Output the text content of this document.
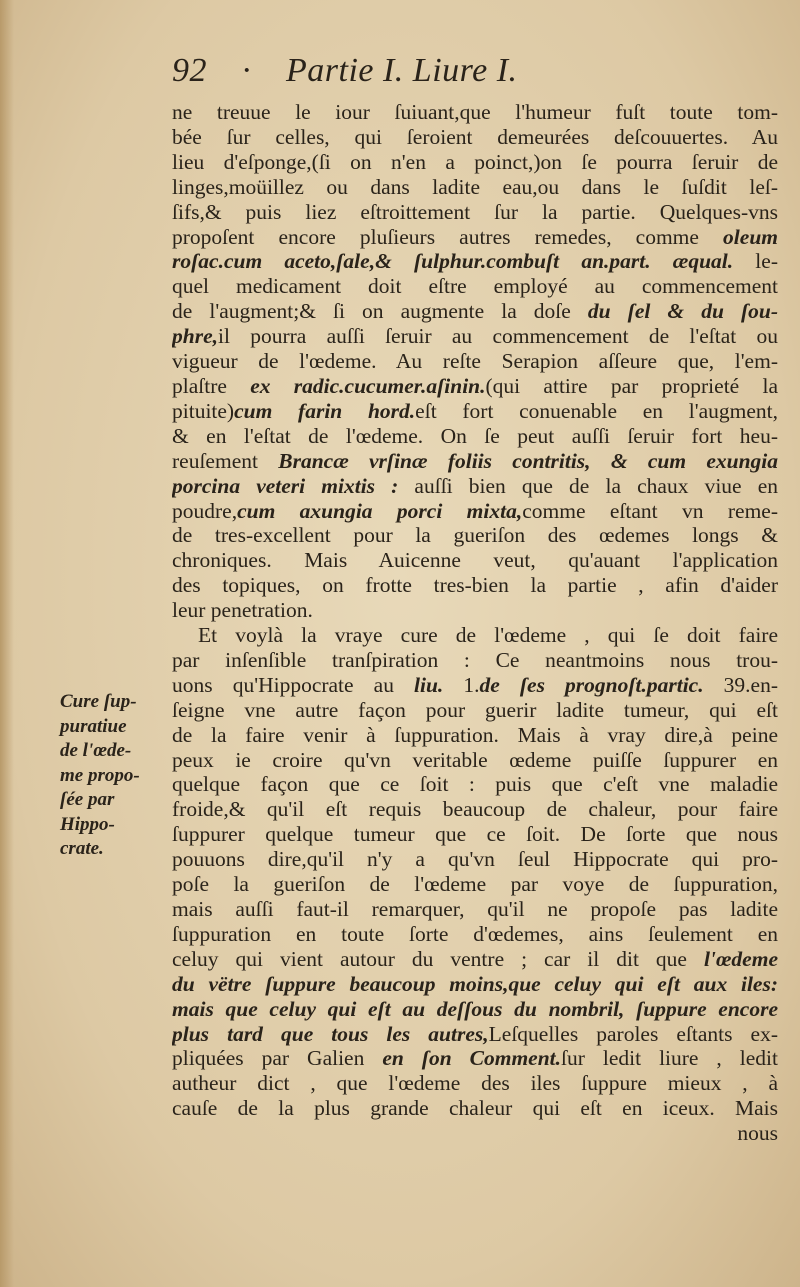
92 · Partie I. Liure I.
ne treuue le iour ſuiuant,que l'humeur fuſt toute tom-
bée ſur celles, qui ſeroient demeurées deſcouuertes. Au
lieu d'eſponge,(ſi on n'en a poinct,)on ſe pourra ſeruir de
linges,moüillez ou dans ladite eau,ou dans le ſuſdit leſ-
ſifs,& puis liez eſtroittement ſur la partie. Quelques-vns
propoſent encore pluſieurs autres remedes, comme oleum
roſac.cum aceto,ſale,& ſulphur.combuſt an.part. æqual. le-
quel medicament doit eſtre employé au commencement
de l'augment;& ſi on augmente la doſe du ſel & du ſou-
phre,il pourra auſſi ſeruir au commencement de l'eſtat ou
vigueur de l'œdeme. Au reſte Serapion aſſeure que, l'em-
plaſtre ex radic.cucumer.aſinin.(qui attire par proprieté la
pituite)cum farin hord.eſt fort conuenable en l'augment,
& en l'eſtat de l'œdeme. On ſe peut auſſi ſeruir fort heu-
reuſement Brancæ vrſinæ foliis contritis, & cum exungia
porcina veteri mixtis : auſſi bien que de la chaux viue en
poudre,cum axungia porci mixta,comme eſtant vn reme-
de tres-excellent pour la gueriſon des œdemes longs &
chroniques. Mais Auicenne veut, qu'auant l'application
des topiques, on frotte tres-bien la partie , afin d'aider
leur penetration.
Et voylà la vraye cure de l'œdeme , qui ſe doit faire
par inſenſible tranſpiration : Ce neantmoins nous trou-
uons qu'Hippocrate au liu. 1.de ſes prognoſt.partic. 39.en-
ſeigne vne autre façon pour guerir ladite tumeur, qui eſt
de la faire venir à ſuppuration. Mais à vray dire,à peine
peux ie croire qu'vn veritable œdeme puiſſe ſuppurer en
quelque façon que ce ſoit : puis que c'eſt vne maladie
froide,& qu'il eſt requis beaucoup de chaleur, pour faire
ſuppurer quelque tumeur que ce ſoit. De ſorte que nous
pouuons dire,qu'il n'y a qu'vn ſeul Hippocrate qui pro-
poſe la gueriſon de l'œdeme par voye de ſuppuration,
mais auſſi faut-il remarquer, qu'il ne propoſe pas ladite
ſuppuration en toute ſorte d'œdemes, ains ſeulement en
celuy qui vient autour du ventre ; car il dit que l'œdeme
du vëtre ſuppure beaucoup moins,que celuy qui eſt aux iles:
mais que celuy qui eſt au deſſous du nombril, ſuppure encore
plus tard que tous les autres,Leſquelles paroles eſtants ex-
pliquées par Galien en ſon Comment.ſur ledit liure , ledit
autheur dict , que l'œdeme des iles ſuppure mieux , à
cauſe de la plus grande chaleur qui eſt en iceux. Mais
nous
Cure ſup-
puratiue
de l'œde-
me propo-
ſée par
Hippo-
crate.
